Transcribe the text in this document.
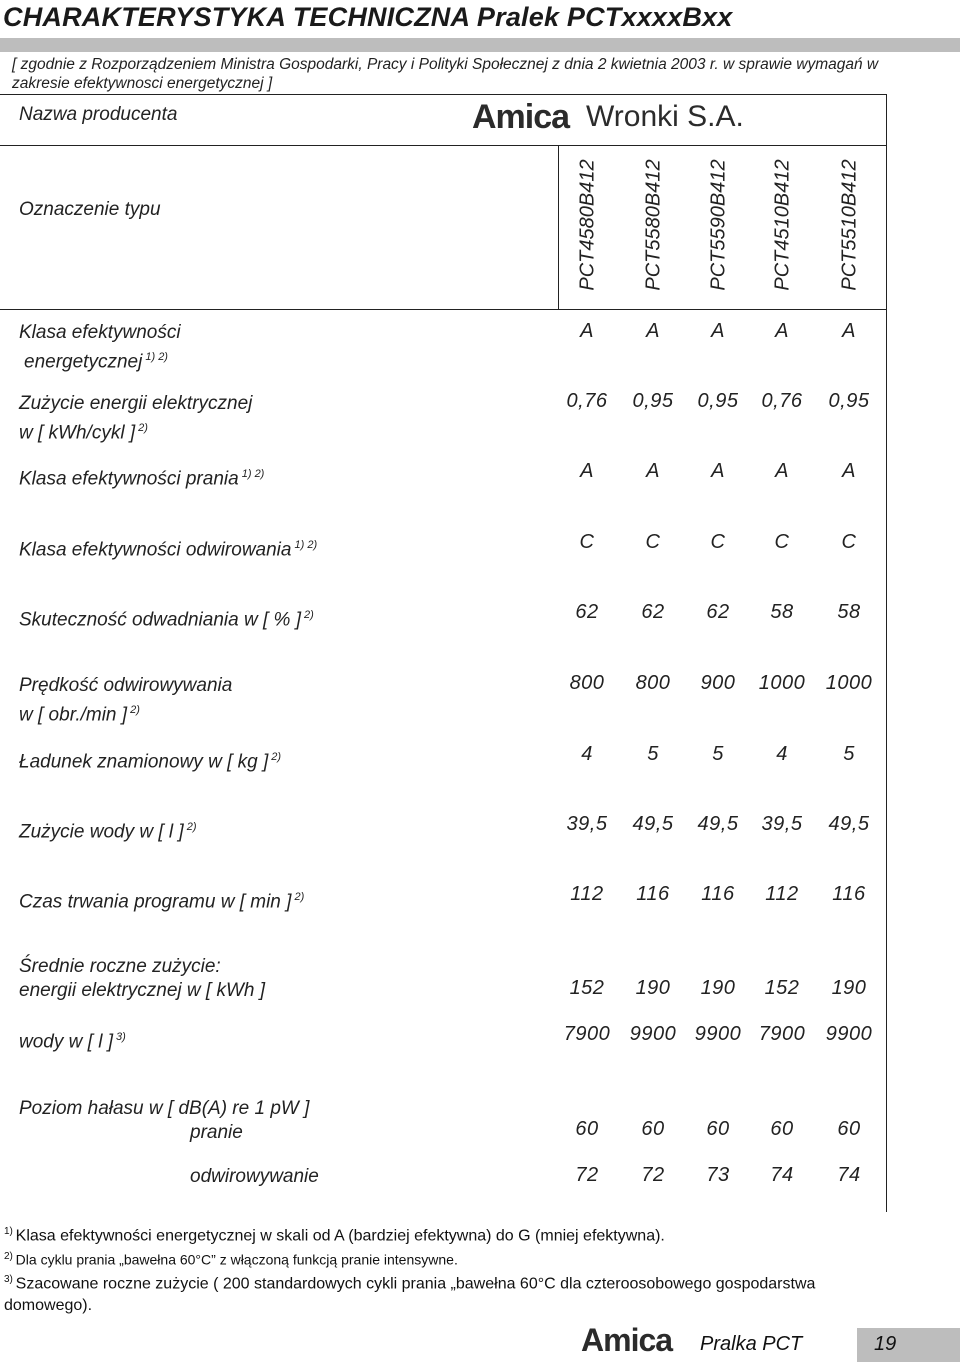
CHARAKTERYSTYKA TECHNICZNA Pralek PCTxxxxBxx
[ zgodnie z Rozporządzeniem Ministra Gospodarki, Pracy i Polityki Społecznej z dnia 2 kwietnia 2003 r. w sprawie wymagań w zakresie efektywnosci energetycznej ]
Nazwa producenta	Amica Wronki S.A.
Oznaczenie typu	PCT4580B412 PCT5580B412 PCT5590B412 PCT4510B412 PCT5510B412
Klasa efektywności
energetycznej $^{1) 2)}$
A	A	A	A	A
Zużycie energii elektrycznej
w [ kWh/cykl ] $^{2)}$
0,76	0,95	0,95	0,76	0,95
Klasa efektywności prania $^{1) 2)}$	A	A	A	A	A
Klasa efektywności odwirowania $^{1) 2)}$	C	C	C	C	C
Skuteczność odwadniania w [ % ] $^{2)}$	62	62	62	58	58
Prędkość odwirowywania
w [ obr./min ] $^{2)}$
800	800	900	1000	1000
Ładunek znamionowy w [ kg ] $^{2)}$	4	5	5	4	5
Zużycie wody w [ l ] $^{2)}$	39,5	49,5	49,5	39,5	49,5
Czas trwania programu w [ min ] $^{2)}$	112	116	116	112	116
Średnie roczne zużycie:
energii elektrycznej w [ kWh ]	152	190	190	152	190
wody w [ l ] $^{3)}$	7900 9900 9900 7900	9900
Poziom hałasu w [ dB(A) re 1 pW ]
pranie	60	60	60	60	60
odwirowywanie	72	72	73	74	74
$^{1)}$ Klasa efektywności energetycznej w skali od A (bardziej efektywna) do G (mniej efektywna).
$^{2)}$ Dla cyklu prania „bawełna 60°C” z włączoną funkcją pranie intensywne.
$^{3)}$ Szacowane roczne zużycie ( 200 standardowych cykli prania „bawełna 60°C dla czteroosobowego gospodarstwa domowego).
Amica Pralka PCT	19
